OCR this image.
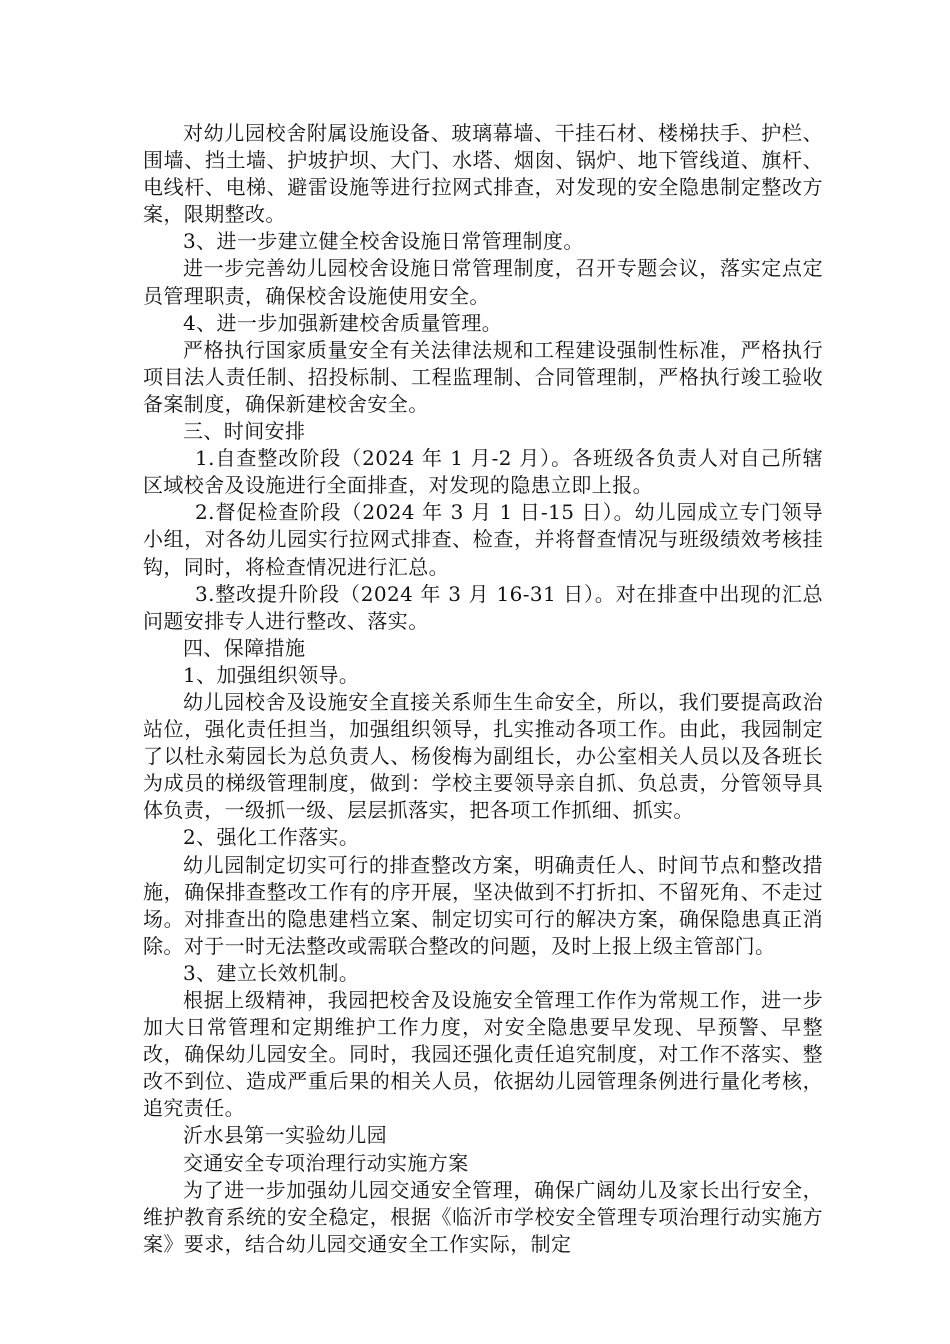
对幼儿园校舍附属设施设备、玻璃幕墙、干挂石材、楼梯扶手、护栏、围墙、挡土墙、护坡护坝、大门、水塔、烟囱、锅炉、地下管线道、旗杆、电线杆、电梯、避雷设施等进行拉网式排查，对发现的安全隐患制定整改方案，限期整改。

3、进一步建立健全校舍设施日常管理制度。

进一步完善幼儿园校舍设施日常管理制度，召开专题会议，落实定点定员管理职责，确保校舍设施使用安全。

4、进一步加强新建校舍质量管理。

严格执行国家质量安全有关法律法规和工程建设强制性标准，严格执行项目法人责任制、招投标制、工程监理制、合同管理制，严格执行竣工验收备案制度，确保新建校舍安全。

三、时间安排

1.自查整改阶段（2024 年 1 月-2 月）。各班级各负责人对自己所辖区域校舍及设施进行全面排查，对发现的隐患立即上报。

2.督促检查阶段（2024 年 3 月 1 日-15 日）。幼儿园成立专门领导小组，对各幼儿园实行拉网式排查、检查，并将督查情况与班级绩效考核挂钩，同时，将检查情况进行汇总。

3.整改提升阶段（2024 年 3 月 16-31 日）。对在排查中出现的汇总问题安排专人进行整改、落实。

四、保障措施

1、加强组织领导。

幼儿园校舍及设施安全直接关系师生生命安全，所以，我们要提高政治站位，强化责任担当，加强组织领导，扎实推动各项工作。由此，我园制定了以杜永菊园长为总负责人、杨俊梅为副组长，办公室相关人员以及各班长为成员的梯级管理制度，做到：学校主要领导亲自抓、负总责，分管领导具体负责，一级抓一级、层层抓落实，把各项工作抓细、抓实。

2、强化工作落实。

幼儿园制定切实可行的排查整改方案，明确责任人、时间节点和整改措施，确保排查整改工作有的序开展，坚决做到不打折扣、不留死角、不走过场。对排查出的隐患建档立案、制定切实可行的解决方案，确保隐患真正消除。对于一时无法整改或需联合整改的问题，及时上报上级主管部门。

3、建立长效机制。

根据上级精神，我园把校舍及设施安全管理工作作为常规工作，进一步加大日常管理和定期维护工作力度，对安全隐患要早发现、早预警、早整改，确保幼儿园安全。同时，我园还强化责任追究制度，对工作不落实、整改不到位、造成严重后果的相关人员，依据幼儿园管理条例进行量化考核，追究责任。

沂水县第一实验幼儿园

交通安全专项治理行动实施方案

为了进一步加强幼儿园交通安全管理，确保广阔幼儿及家长出行安全，维护教育系统的安全稳定，根据《临沂市学校安全管理专项治理行动实施方案》要求，结合幼儿园交通安全工作实际，制定
